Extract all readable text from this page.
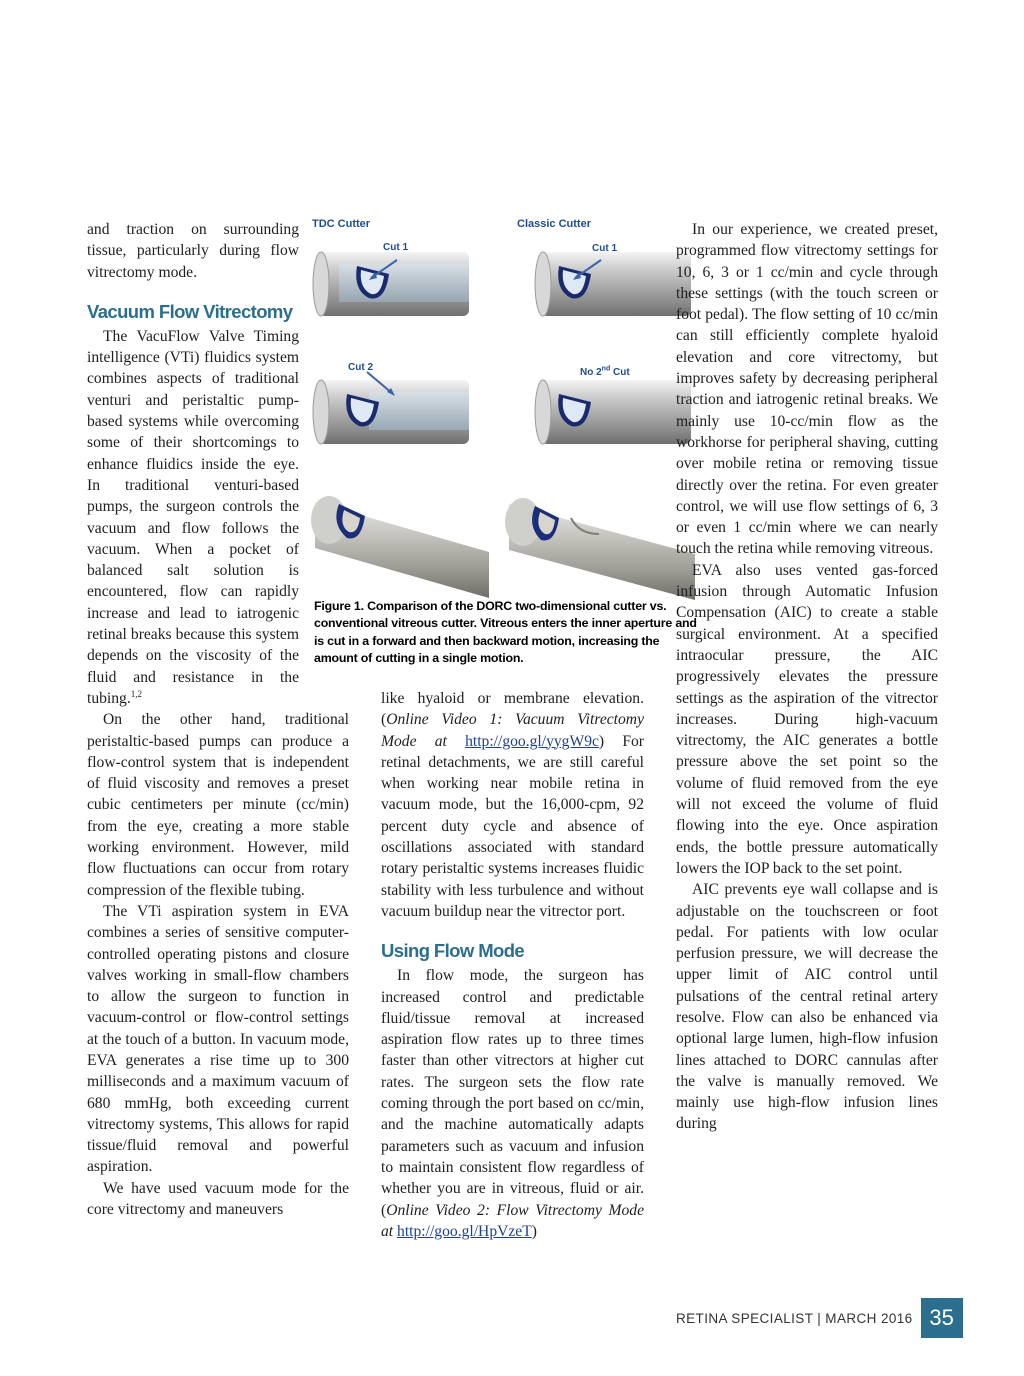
and traction on surrounding tissue, particularly during flow vitrectomy mode.

Vacuum Flow Vitrectomy

The VacuFlow Valve Timing intelligence (VTi) fluidics system combines aspects of traditional venturi and peristaltic pump-based systems while overcoming some of their shortcomings to enhance fluidics inside the eye. In traditional venturi-based pumps, the surgeon controls the vacuum and flow follows the vacuum. When a pocket of balanced salt solution is encountered, flow can rapidly increase and lead to iatrogenic retinal breaks because this system depends on the viscosity of the fluid and resistance in the tubing.$^{1,2}$

On the other hand, traditional peristaltic-based pumps can produce a flow-control system that is independent of fluid viscosity and removes a preset cubic centimeters per minute (cc/min) from the eye, creating a more stable working environment. However, mild flow fluctuations can occur from rotary compression of the flexible tubing.

The VTi aspiration system in EVA combines a series of sensitive computer-controlled operating pistons and closure valves working in small-flow chambers to allow the surgeon to function in vacuum-control or flow-control settings at the touch of a button. In vacuum mode, EVA generates a rise time up to 300 milliseconds and a maximum vacuum of 680 mmHg, both exceeding current vitrectomy systems, This allows for rapid tissue/fluid removal and powerful aspiration.

We have used vacuum mode for the core vitrectomy and maneuvers

TDC Cutter	Classic Cutter
Cut 1	Cut 1
Cut 2	No 2nd Cut
Figure 1. Comparison of the DORC two-dimensional cutter vs. conventional vitreous cutter. Vitreous enters the inner aperture and is cut in a forward and then backward motion, increasing the amount of cutting in a single motion.

like hyaloid or membrane elevation. (Online Video 1: Vacuum Vitrectomy Mode at http://goo.gl/yygW9c) For retinal detachments, we are still careful when working near mobile retina in vacuum mode, but the 16,000-cpm, 92 percent duty cycle and absence of oscillations associated with standard rotary peristaltic systems increases fluidic stability with less turbulence and without vacuum buildup near the vitrector port.

Using Flow Mode

In flow mode, the surgeon has increased control and predictable fluid/tissue removal at increased aspiration flow rates up to three times faster than other vitrectors at higher cut rates. The surgeon sets the flow rate coming through the port based on cc/min, and the machine automatically adapts parameters such as vacuum and infusion to maintain consistent flow regardless of whether you are in vitreous, fluid or air. (Online Video 2: Flow Vitrectomy Mode at http://goo.gl/HpVzeT)

In our experience, we created preset, programmed flow vitrectomy settings for 10, 6, 3 or 1 cc/min and cycle through these settings (with the touch screen or foot pedal). The flow setting of 10 cc/min can still efficiently complete hyaloid elevation and core vitrectomy, but improves safety by decreasing peripheral traction and iatrogenic retinal breaks. We mainly use 10-cc/min flow as the workhorse for peripheral shaving, cutting over mobile retina or removing tissue directly over the retina. For even greater control, we will use flow settings of 6, 3 or even 1 cc/min where we can nearly touch the retina while removing vitreous.

EVA also uses vented gas-forced infusion through Automatic Infusion Compensation (AIC) to create a stable surgical environment. At a specified intraocular pressure, the AIC progressively elevates the pressure settings as the aspiration of the vitrector increases. During high-vacuum vitrectomy, the AIC generates a bottle pressure above the set point so the volume of fluid removed from the eye will not exceed the volume of fluid flowing into the eye. Once aspiration ends, the bottle pressure automatically lowers the IOP back to the set point.

AIC prevents eye wall collapse and is adjustable on the touchscreen or foot pedal. For patients with low ocular perfusion pressure, we will decrease the upper limit of AIC control until pulsations of the central retinal artery resolve. Flow can also be enhanced via optional large lumen, high-flow infusion lines attached to DORC cannulas after the valve is manually removed. We mainly use high-flow infusion lines during

RETINA SPECIALIST | MARCH 2016 35
